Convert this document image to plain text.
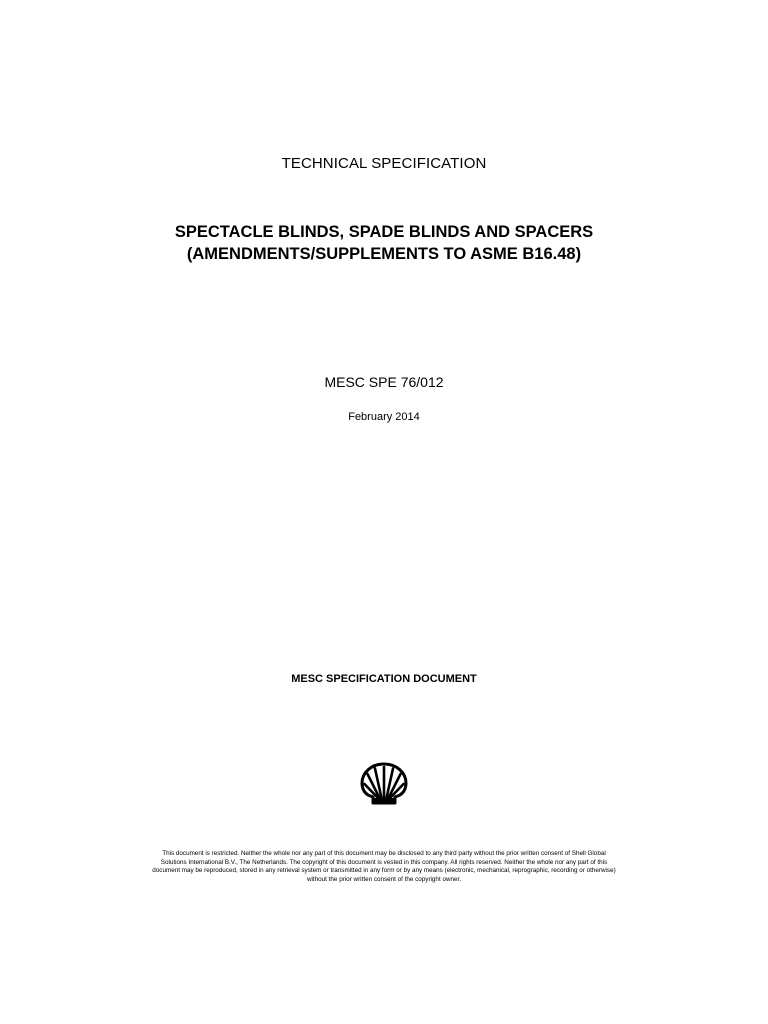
TECHNICAL SPECIFICATION
SPECTACLE BLINDS, SPADE BLINDS AND SPACERS
(AMENDMENTS/SUPPLEMENTS TO ASME B16.48)
MESC SPE 76/012
February 2014
MESC SPECIFICATION DOCUMENT
This document is restricted. Neither the whole nor any part of this document may be disclosed to any third party without the prior written consent of Shell Global
Solutions International B.V., The Netherlands. The copyright of this document is vested in this company. All rights reserved. Neither the whole nor any part of this
document may be reproduced, stored in any retrieval system or transmitted in any form or by any means (electronic, mechanical, reprographic, recording or otherwise)
without the prior written consent of the copyright owner.
